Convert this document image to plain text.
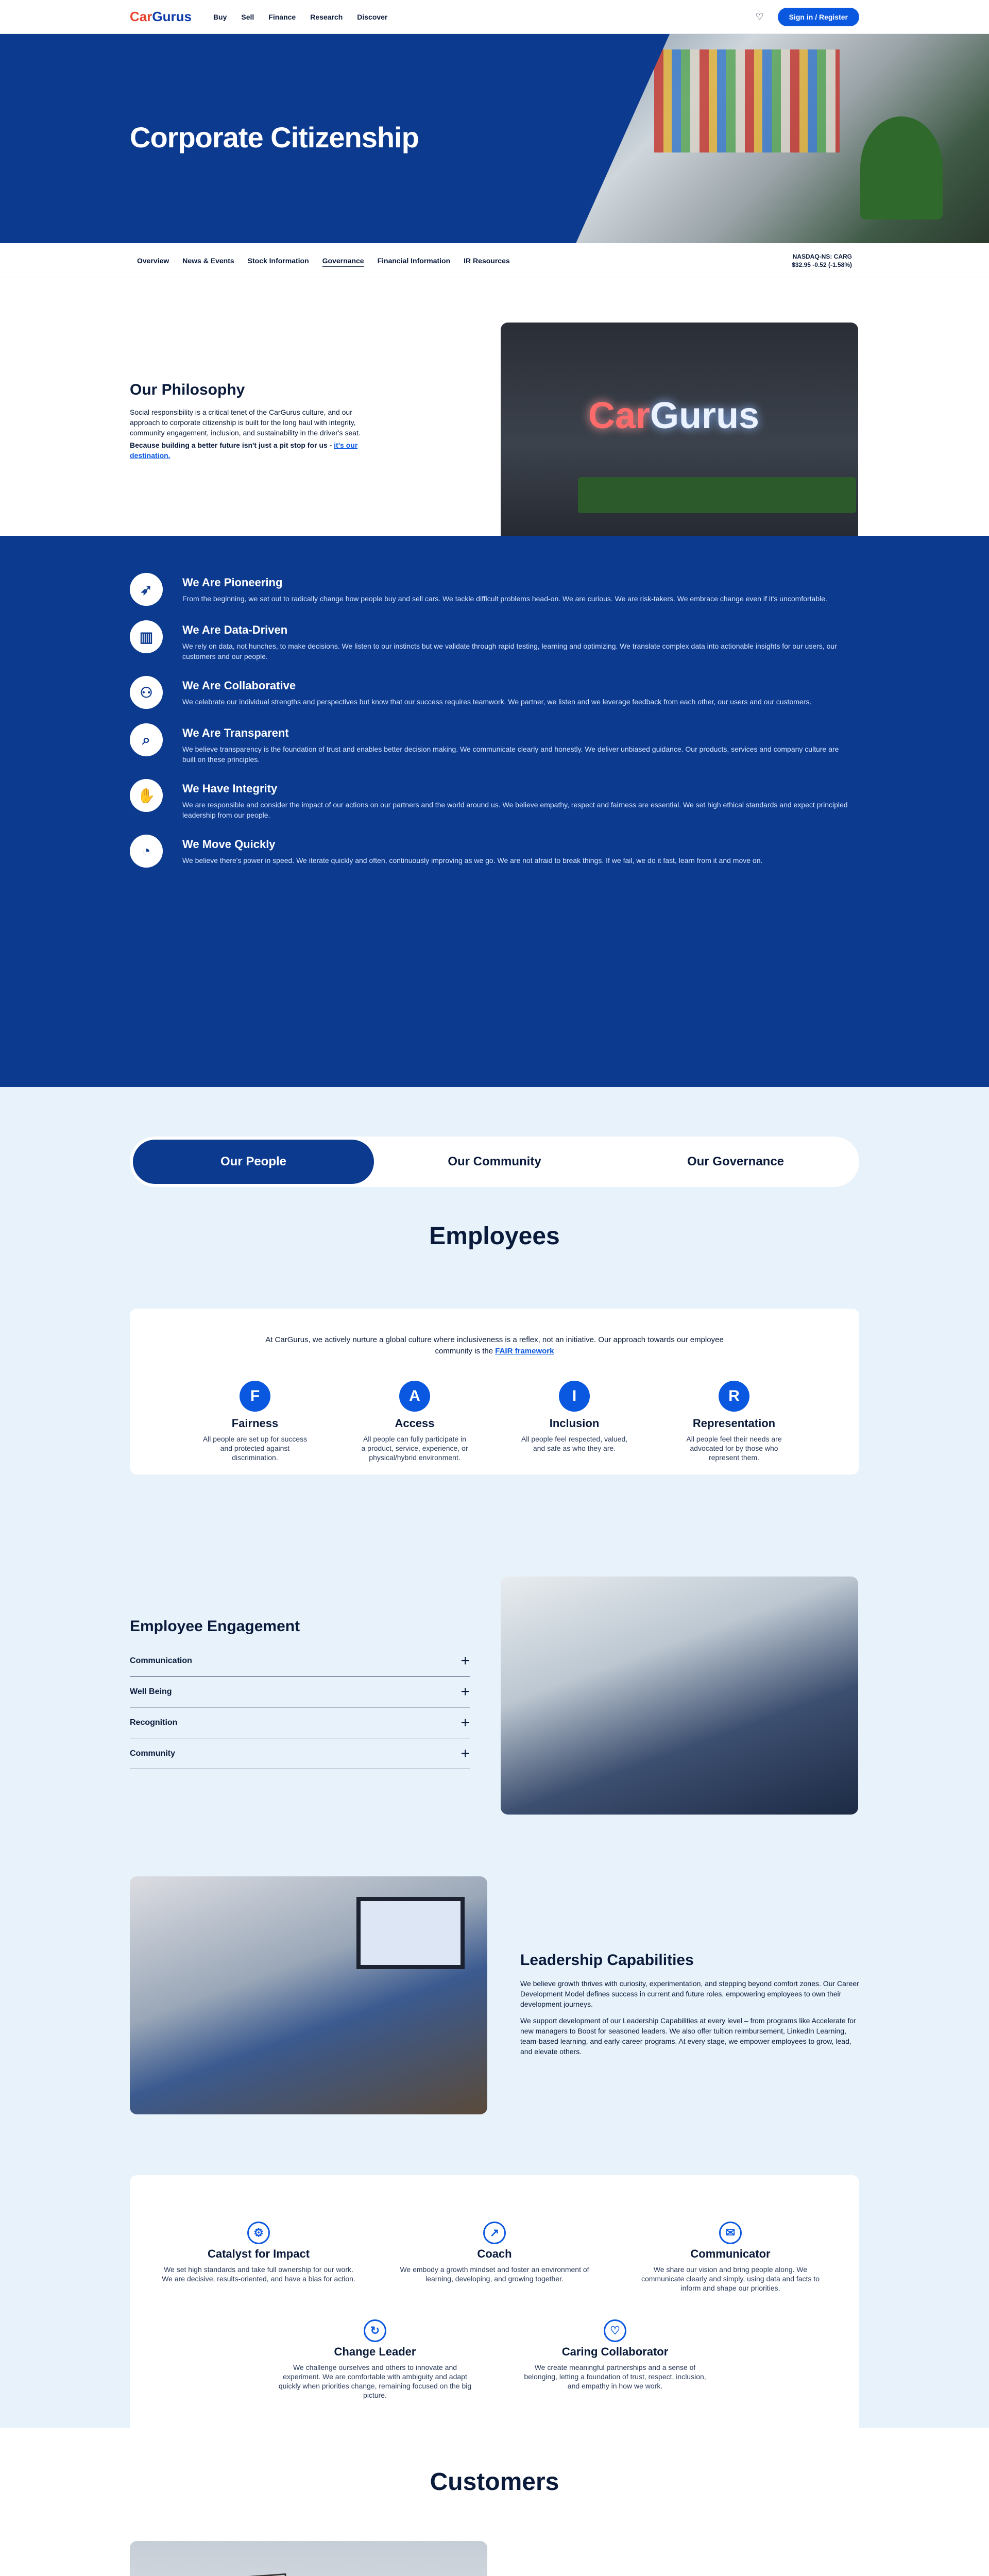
CarGurus	Buy Sell Finance Research Discover	♡	Sign in / Register
Corporate Citizenship
Overview News & Events Stock Information Governance Financial Information IR Resources	NASDAQ-NS: CARG
$32.95 -0.52 (-1.58%)
Our Philosophy

Social responsibility is a critical tenet of the CarGurus culture, and our approach to corporate citizenship is built for the long haul with integrity, community engagement, inclusion, and sustainability in the driver's seat.

Because building a better future isn't just a pit stop for us - it's our destination.

CarGurus
➶	We Are Pioneering
From the beginning, we set out to radically change how people buy and sell cars. We tackle difficult problems head-on. We are curious. We are risk-takers. We embrace change even if it's uncomfortable.
▥	We Are Data-Driven
We rely on data, not hunches, to make decisions. We listen to our instincts but we validate through rapid testing, learning and optimizing. We translate complex data into actionable insights for our users, our customers and our people.
⚇	We Are Collaborative
We celebrate our individual strengths and perspectives but know that our success requires teamwork. We partner, we listen and we leverage feedback from each other, our users and our customers.
⌕	We Are Transparent
We believe transparency is the foundation of trust and enables better decision making. We communicate clearly and honestly. We deliver unbiased guidance. Our products, services and company culture are built on these principles.
✋	We Have Integrity
We are responsible and consider the impact of our actions on our partners and the world around us. We believe empathy, respect and fairness are essential. We set high ethical standards and expect principled leadership from our people.
◔	We Move Quickly
We believe there's power in speed. We iterate quickly and often, continuously improving as we go. We are not afraid to break things. If we fail, we do it fast, learn from it and move on.
Our People	Our Community	Our Governance
Employees
At CarGurus, we actively nurture a global culture where inclusiveness is a reflex, not an initiative. Our approach towards our employee
community is the FAIR framework
F
Fairness
All people are set up for success and protected against discrimination.
A
Access
All people can fully participate in a product, service, experience, or physical/hybrid environment.
I
Inclusion
All people feel respected, valued, and safe as who they are.
R
Representation
All people feel their needs are advocated for by those who represent them.
Employee Engagement
Communication	+
Well Being	+
Recognition	+
Community	+
Leadership Capabilities

We believe growth thrives with curiosity, experimentation, and stepping beyond comfort zones. Our Career Development Model defines success in current and future roles, empowering employees to own their development journeys.

We support development of our Leadership Capabilities at every level – from programs like Accelerate for new managers to Boost for seasoned leaders. We also offer tuition reimbursement, LinkedIn Learning, team-based learning, and early-career programs. At every stage, we empower employees to grow, lead, and elevate others.

⚙
Catalyst for Impact
We set high standards and take full ownership for our work. We are decisive, results-oriented, and have a bias for action.
↗
Coach
We embody a growth mindset and foster an environment of learning, developing, and growing together.
✉
Communicator
We share our vision and bring people along. We communicate clearly and simply, using data and facts to inform and shape our priorities.
↻
Change Leader
We challenge ourselves and others to innovate and experiment. We are comfortable with ambiguity and adapt quickly when priorities change, remaining focused on the big picture.
♡
Caring Collaborator
We create meaningful partnerships and a sense of belonging, letting a foundation of trust, respect, inclusion, and empathy in how we work.
Customers
